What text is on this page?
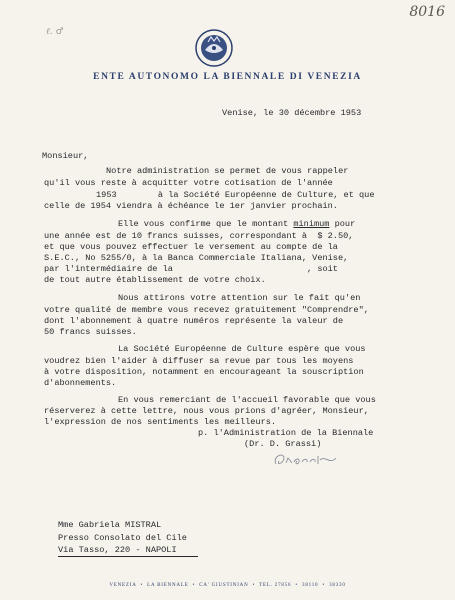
8016
ℓ. ♂
ENTE AUTONOMO LA BIENNALE DI VENEZIA
Venise, le 30 décembre 1953
Monsieur,
Notre administration se permet de vous rappeler
qu'il vous reste à acquitter votre cotisation de l'année
1953        à la Société Européenne de Culture, et que
celle de 1954 viendra à échéance le 1er janvier prochain.
Elle vous confirme que le montant minimum pour
une année est de 10 francs suisses, correspondant à  $ 2.50,
et que vous pouvez effectuer le versement au compte de la
S.E.C., No 5255/0, à la Banca Commerciale Italiana, Venise,
par l'intermédiaire de la                          , soit
de tout autre établissement de votre choix.
Nous attirons votre attention sur le fait qu'en
votre qualité de membre vous recevez gratuitement "Comprendre",
dont l'abonnement à quatre numéros représente la valeur de
50 francs suisses.
La Société Européenne de Culture espère que vous
voudrez bien l'aider à diffuser sa revue par tous les moyens
à votre disposition, notamment en encourageant la souscription
d'abonnements.
En vous remerciant de l'accueil favorable que vous
réserverez à cette lettre, nous vous prions d'agréer, Monsieur,
l'expression de nos sentiments les meilleurs.
p. l'Administration de la Biennale
(Dr. D. Grassi)
Mme Gabriela MISTRAL
Presso Consolato del Cile
Via Tasso, 220 - NAPOLI
VENEZIA  •  LA BIENNALE  •  CA' GIUSTINIAN  •  TEL. 27856  •  38110  •  38330
